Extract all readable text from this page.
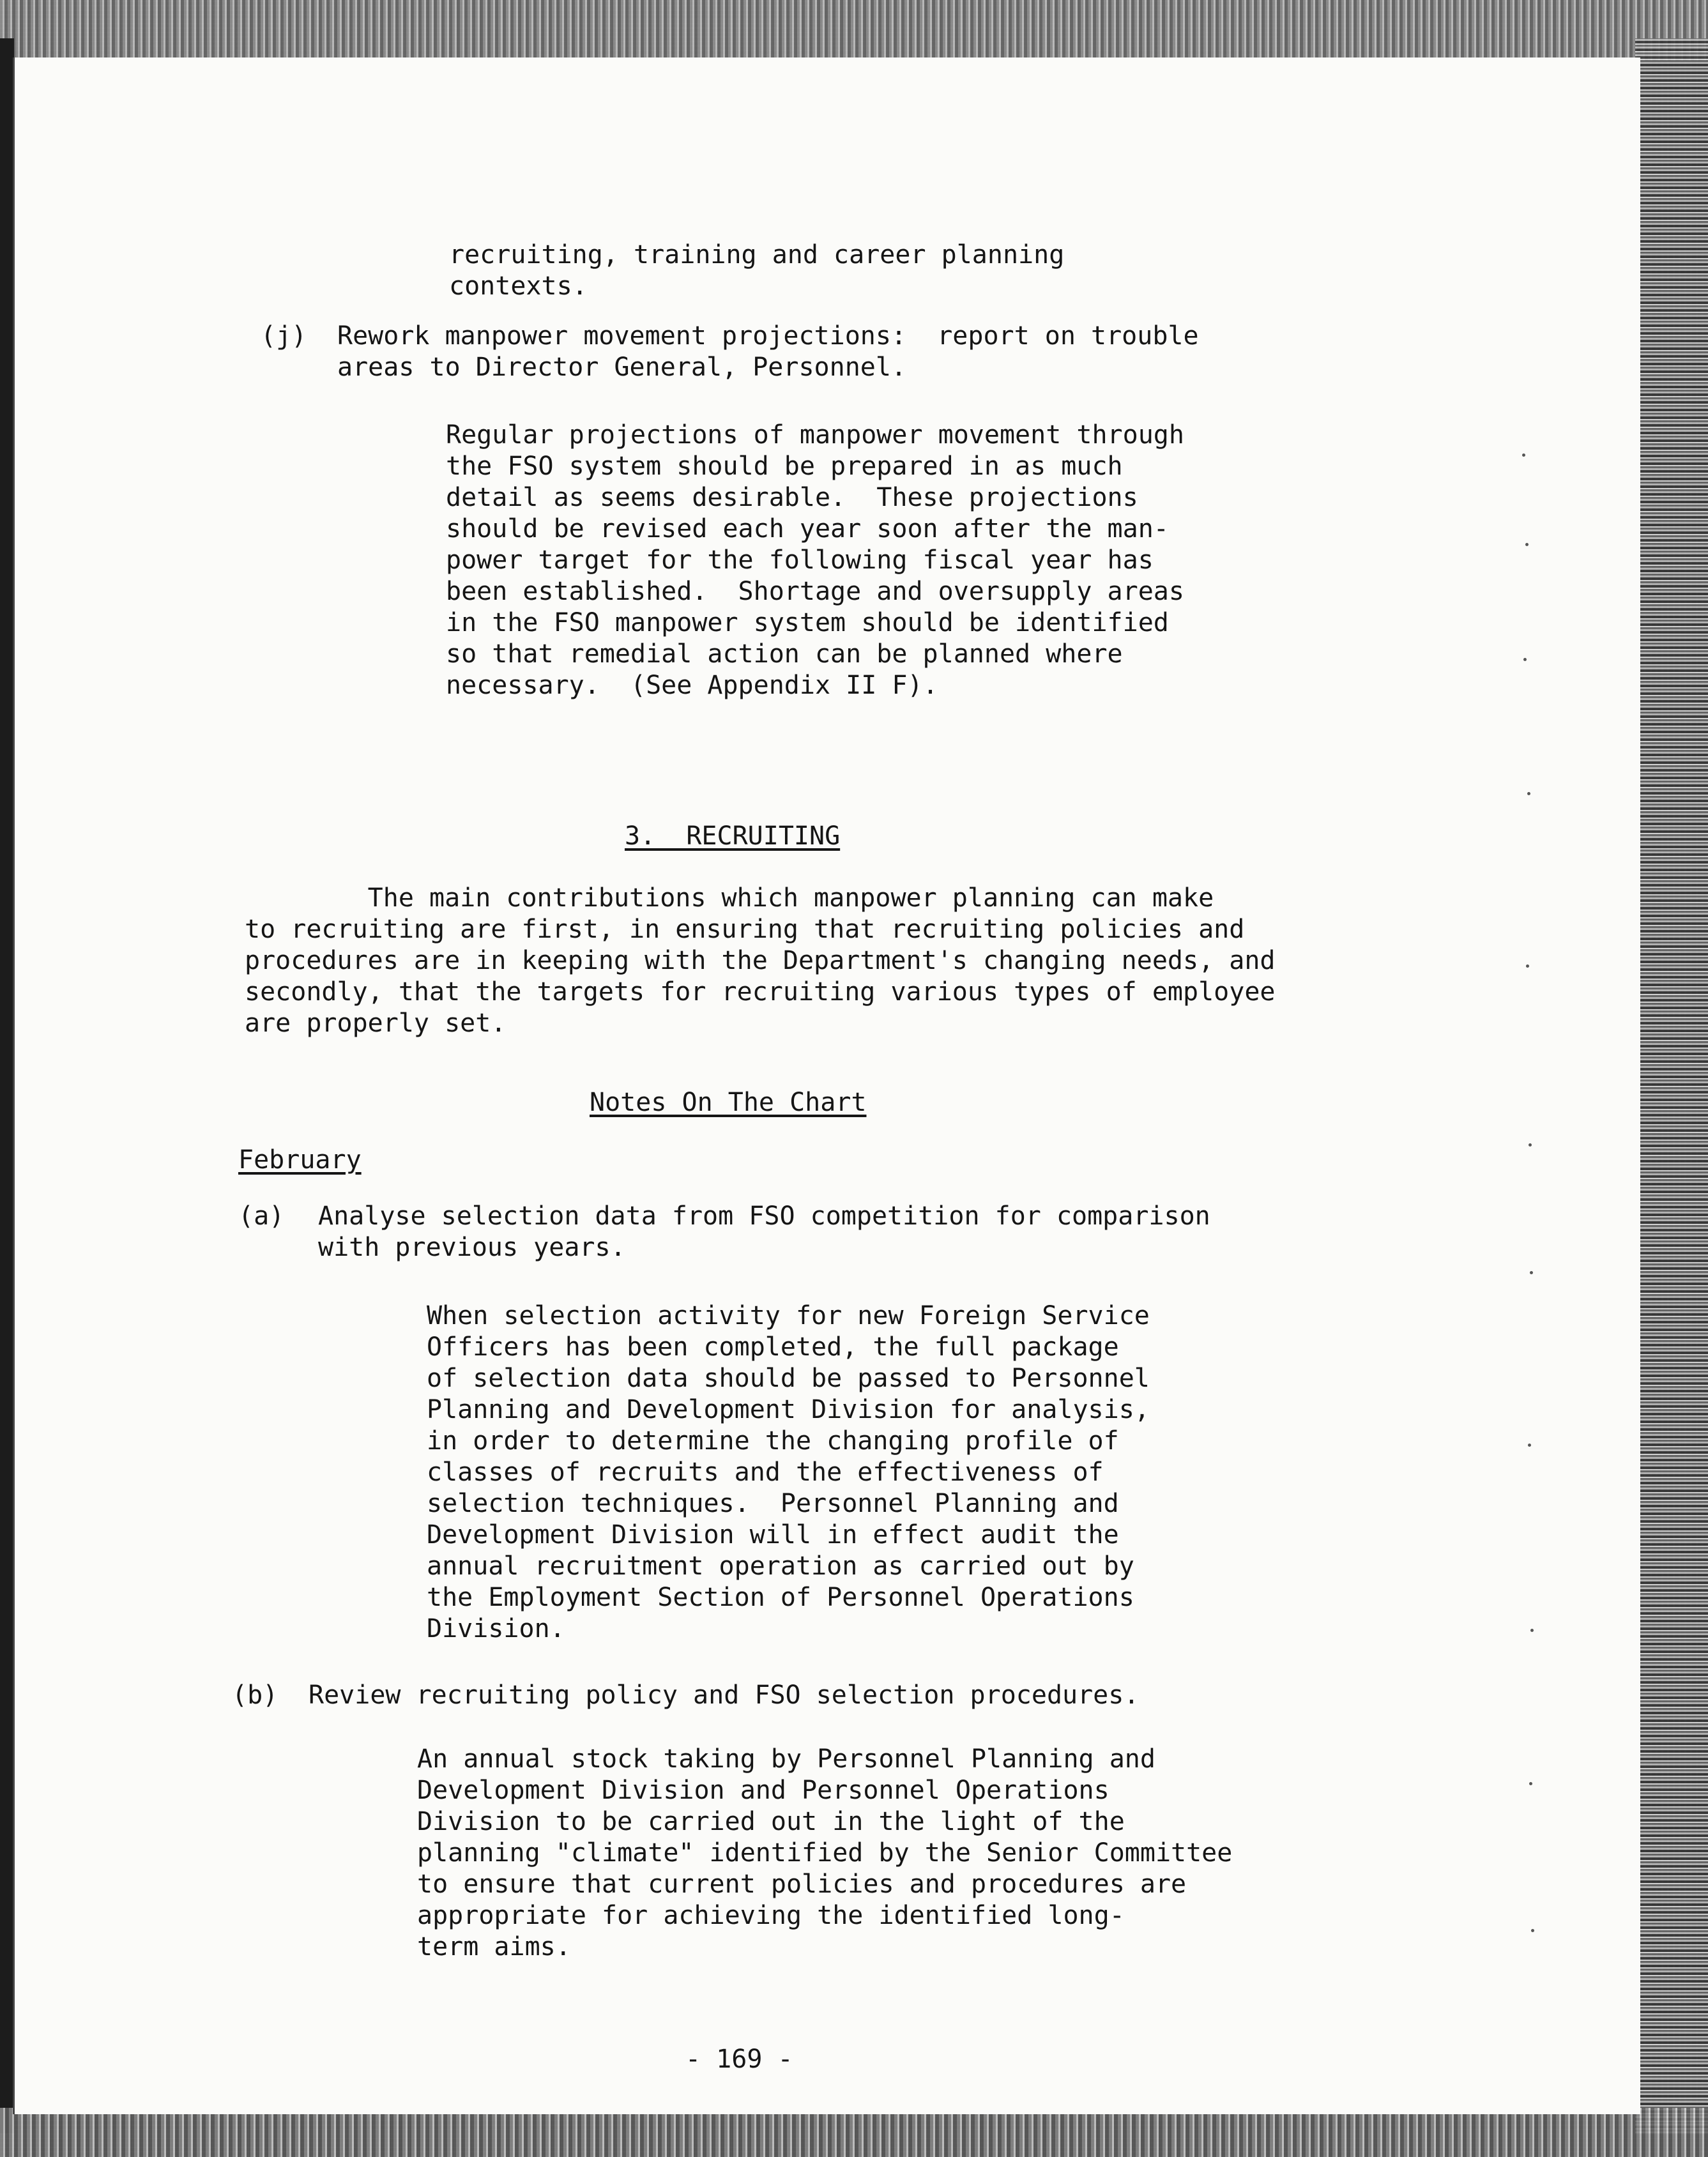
recruiting, training and career planning

contexts.

(j) Rework manpower movement projections:  report on trouble

areas to Director General, Personnel.

Regular projections of manpower movement through

the FSO system should be prepared in as much

detail as seems desirable.  These projections

should be revised each year soon after the man-

power target for the following fiscal year has

been established.  Shortage and oversupply areas

in the FSO manpower system should be identified

so that remedial action can be planned where

necessary.  (See Appendix II F).

3.  RECRUITING

The main contributions which manpower planning can make

to recruiting are first, in ensuring that recruiting policies and

procedures are in keeping with the Department's changing needs, and

secondly, that the targets for recruiting various types of employee

are properly set.

Notes On The Chart

February

(a) Analyse selection data from FSO competition for comparison

with previous years.

When selection activity for new Foreign Service

Officers has been completed, the full package

of selection data should be passed to Personnel

Planning and Development Division for analysis,

in order to determine the changing profile of

classes of recruits and the effectiveness of

selection techniques.  Personnel Planning and

Development Division will in effect audit the

annual recruitment operation as carried out by

the Employment Section of Personnel Operations

Division.

(b) Review recruiting policy and FSO selection procedures.

An annual stock taking by Personnel Planning and

Development Division and Personnel Operations

Division to be carried out in the light of the

planning "climate" identified by the Senior Committee

to ensure that current policies and procedures are

appropriate for achieving the identified long-

term aims.

- 169 -
